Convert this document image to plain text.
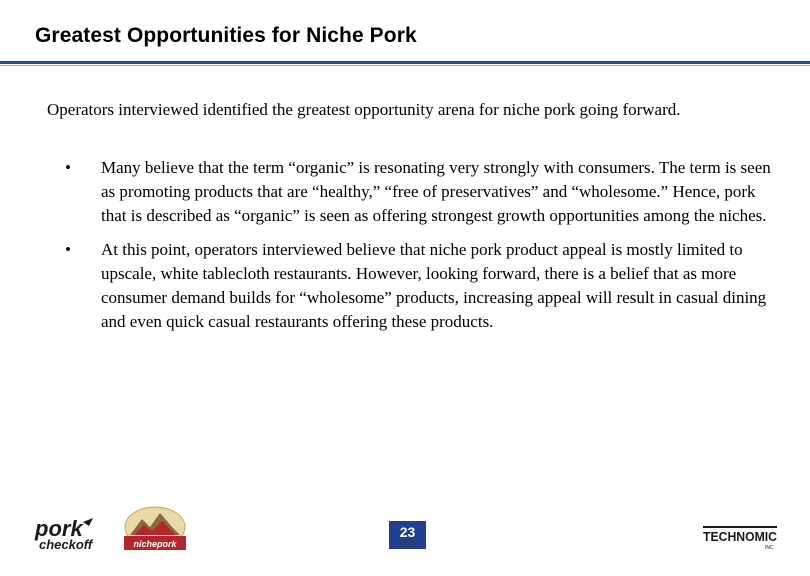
Greatest Opportunities for Niche Pork

Operators interviewed identified the greatest opportunity arena for niche pork going forward.

• Many believe that the term “organic” is resonating very strongly with consumers. The term is seen as promoting products that are “healthy,” “free of preservatives” and “wholesome.” Hence, pork that is described as “organic” is seen as offering strongest growth opportunities among the niches.
• At this point, operators interviewed believe that niche pork product appeal is mostly limited to upscale, white tablecloth restaurants. However, looking forward, there is a belief that as more consumer demand builds for “wholesome” products, increasing appeal will result in casual dining and even quick casual restaurants offering these products.
pork
checkoff	nichepork
23
23	TECHNOMIC
INC
